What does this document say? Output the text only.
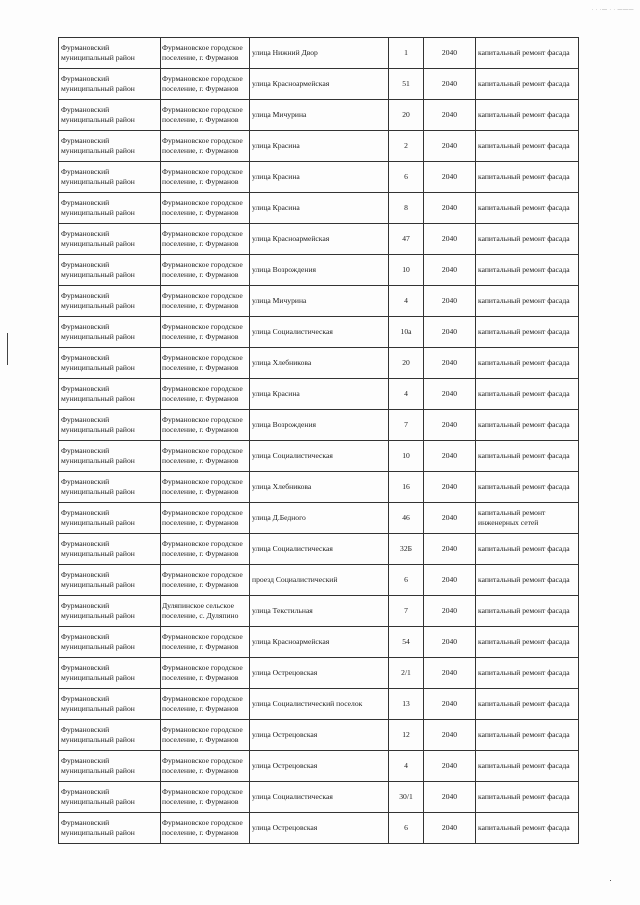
· · ·— · · ———
Фурмановский муниципальный район	Фурмановское городское поселение, г. Фурманов	улица Нижний Двор	1	2040	капитальный ремонт фасада
Фурмановский муниципальный район	Фурмановское городское поселение, г. Фурманов	улица Красноармейская	51	2040	капитальный ремонт фасада
Фурмановский муниципальный район	Фурмановское городское поселение, г. Фурманов	улица Мичурина	20	2040	капитальный ремонт фасада
Фурмановский муниципальный район	Фурмановское городское поселение, г. Фурманов	улица Красина	2	2040	капитальный ремонт фасада
Фурмановский муниципальный район	Фурмановское городское поселение, г. Фурманов	улица Красина	6	2040	капитальный ремонт фасада
Фурмановский муниципальный район	Фурмановское городское поселение, г. Фурманов	улица Красина	8	2040	капитальный ремонт фасада
Фурмановский муниципальный район	Фурмановское городское поселение, г. Фурманов	улица Красноармейская	47	2040	капитальный ремонт фасада
Фурмановский муниципальный район	Фурмановское городское поселение, г. Фурманов	улица Возрождения	10	2040	капитальный ремонт фасада
Фурмановский муниципальный район	Фурмановское городское поселение, г. Фурманов	улица Мичурина	4	2040	капитальный ремонт фасада
Фурмановский муниципальный район	Фурмановское городское поселение, г. Фурманов	улица Социалистическая	10а	2040	капитальный ремонт фасада
Фурмановский муниципальный район	Фурмановское городское поселение, г. Фурманов	улица Хлебникова	20	2040	капитальный ремонт фасада
Фурмановский муниципальный район	Фурмановское городское поселение, г. Фурманов	улица Красина	4	2040	капитальный ремонт фасада
Фурмановский муниципальный район	Фурмановское городское поселение, г. Фурманов	улица Возрождения	7	2040	капитальный ремонт фасада
Фурмановский муниципальный район	Фурмановское городское поселение, г. Фурманов	улица Социалистическая	10	2040	капитальный ремонт фасада
Фурмановский муниципальный район	Фурмановское городское поселение, г. Фурманов	улица Хлебникова	16	2040	капитальный ремонт фасада
Фурмановский муниципальный район	Фурмановское городское поселение, г. Фурманов	улица Д.Бедного	46	2040	капитальный ремонт инженерных сетей
Фурмановский муниципальный район	Фурмановское городское поселение, г. Фурманов	улица Социалистическая	32Б	2040	капитальный ремонт фасада
Фурмановский муниципальный район	Фурмановское городское поселение, г. Фурманов	проезд Социалистический	6	2040	капитальный ремонт фасада
Фурмановский муниципальный район	Дуляпинское сельское поселение, с. Дуляпино	улица Текстильная	7	2040	капитальный ремонт фасада
Фурмановский муниципальный район	Фурмановское городское поселение, г. Фурманов	улица Красноармейская	54	2040	капитальный ремонт фасада
Фурмановский муниципальный район	Фурмановское городское поселение, г. Фурманов	улица Острецовская	2/1	2040	капитальный ремонт фасада
Фурмановский муниципальный район	Фурмановское городское поселение, г. Фурманов	улица Социалистический поселок	13	2040	капитальный ремонт фасада
Фурмановский муниципальный район	Фурмановское городское поселение, г. Фурманов	улица Острецовская	12	2040	капитальный ремонт фасада
Фурмановский муниципальный район	Фурмановское городское поселение, г. Фурманов	улица Острецовская	4	2040	капитальный ремонт фасада
Фурмановский муниципальный район	Фурмановское городское поселение, г. Фурманов	улица Социалистическая	30/1	2040	капитальный ремонт фасада
Фурмановский муниципальный район	Фурмановское городское поселение, г. Фурманов	улица Острецовская	6	2040	капитальный ремонт фасада
